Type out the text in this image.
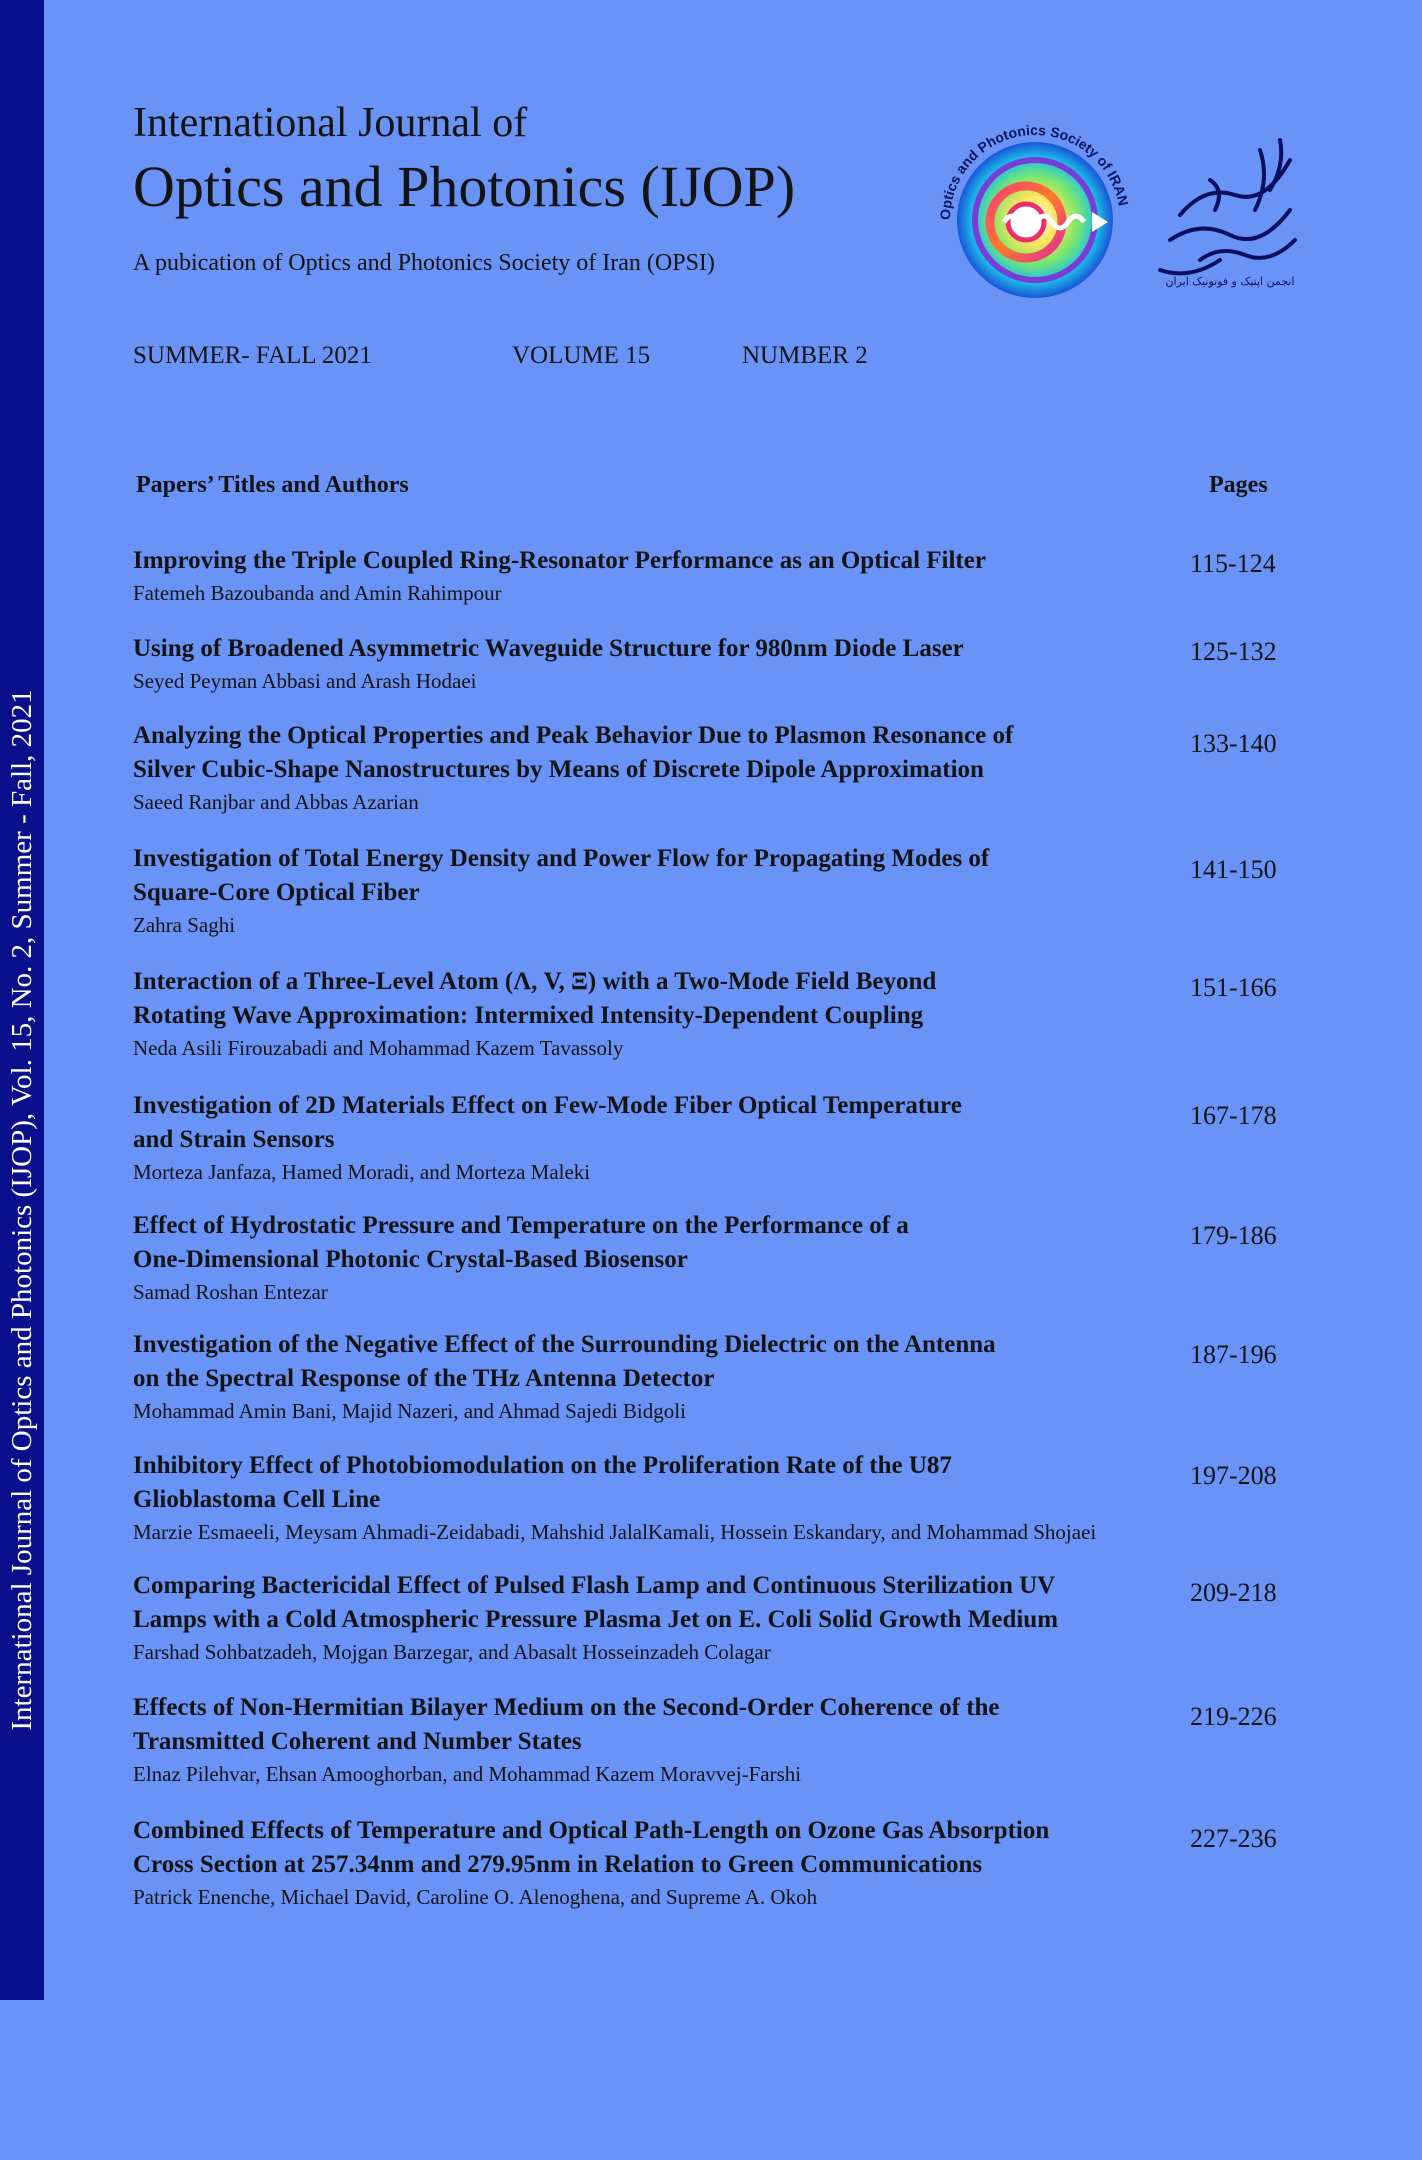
International Journal of Optics and Photonics (IJOP), Vol. 15, No. 2, Summer - Fall, 2021
International Journal of
Optics and Photonics (IJOP)
A pubication of Optics and Photonics Society of Iran (OPSI)
SUMMER- FALL 2021	VOLUME 15	NUMBER 2
Optics and Photonics Society of IRAN
انجمن اپتیک و فوتونیک ایران
Papers’ Titles and Authors	Pages
Improving the Triple Coupled Ring-Resonator Performance as an Optical Filter
Fatemeh Bazoubanda and Amin Rahimpour
115-124
Using of Broadened Asymmetric Waveguide Structure for 980nm Diode Laser
Seyed Peyman Abbasi and Arash Hodaei
125-132
Analyzing the Optical Properties and Peak Behavior Due to Plasmon Resonance of
Silver Cubic-Shape Nanostructures by Means of Discrete Dipole Approximation
Saeed Ranjbar and Abbas Azarian
133-140
Investigation of Total Energy Density and Power Flow for Propagating Modes of
Square-Core Optical Fiber
Zahra Saghi
141-150
Interaction of a Three-Level Atom (Λ, V, Ξ) with a Two-Mode Field Beyond
Rotating Wave Approximation: Intermixed Intensity-Dependent Coupling
Neda Asili Firouzabadi and Mohammad Kazem Tavassoly
151-166
Investigation of 2D Materials Effect on Few-Mode Fiber Optical Temperature
and Strain Sensors
Morteza Janfaza, Hamed Moradi, and Morteza Maleki
167-178
Effect of Hydrostatic Pressure and Temperature on the Performance of a
One-Dimensional Photonic Crystal-Based Biosensor
Samad Roshan Entezar
179-186
Investigation of the Negative Effect of the Surrounding Dielectric on the Antenna
on the Spectral Response of the THz Antenna Detector
Mohammad Amin Bani, Majid Nazeri, and Ahmad Sajedi Bidgoli
187-196
Inhibitory Effect of Photobiomodulation on the Proliferation Rate of the U87
Glioblastoma Cell Line
Marzie Esmaeeli, Meysam Ahmadi-Zeidabadi, Mahshid JalalKamali, Hossein Eskandary, and Mohammad Shojaei
197-208
Comparing Bactericidal Effect of Pulsed Flash Lamp and Continuous Sterilization UV
Lamps with a Cold Atmospheric Pressure Plasma Jet on E. Coli Solid Growth Medium
Farshad Sohbatzadeh, Mojgan Barzegar, and Abasalt Hosseinzadeh Colagar
209-218
Effects of Non-Hermitian Bilayer Medium on the Second-Order Coherence of the
Transmitted Coherent and Number States
Elnaz Pilehvar, Ehsan Amooghorban, and Mohammad Kazem Moravvej-Farshi
219-226
Combined Effects of Temperature and Optical Path-Length on Ozone Gas Absorption
Cross Section at 257.34nm and 279.95nm in Relation to Green Communications
Patrick Enenche, Michael David, Caroline O. Alenoghena, and Supreme A. Okoh
227-236
